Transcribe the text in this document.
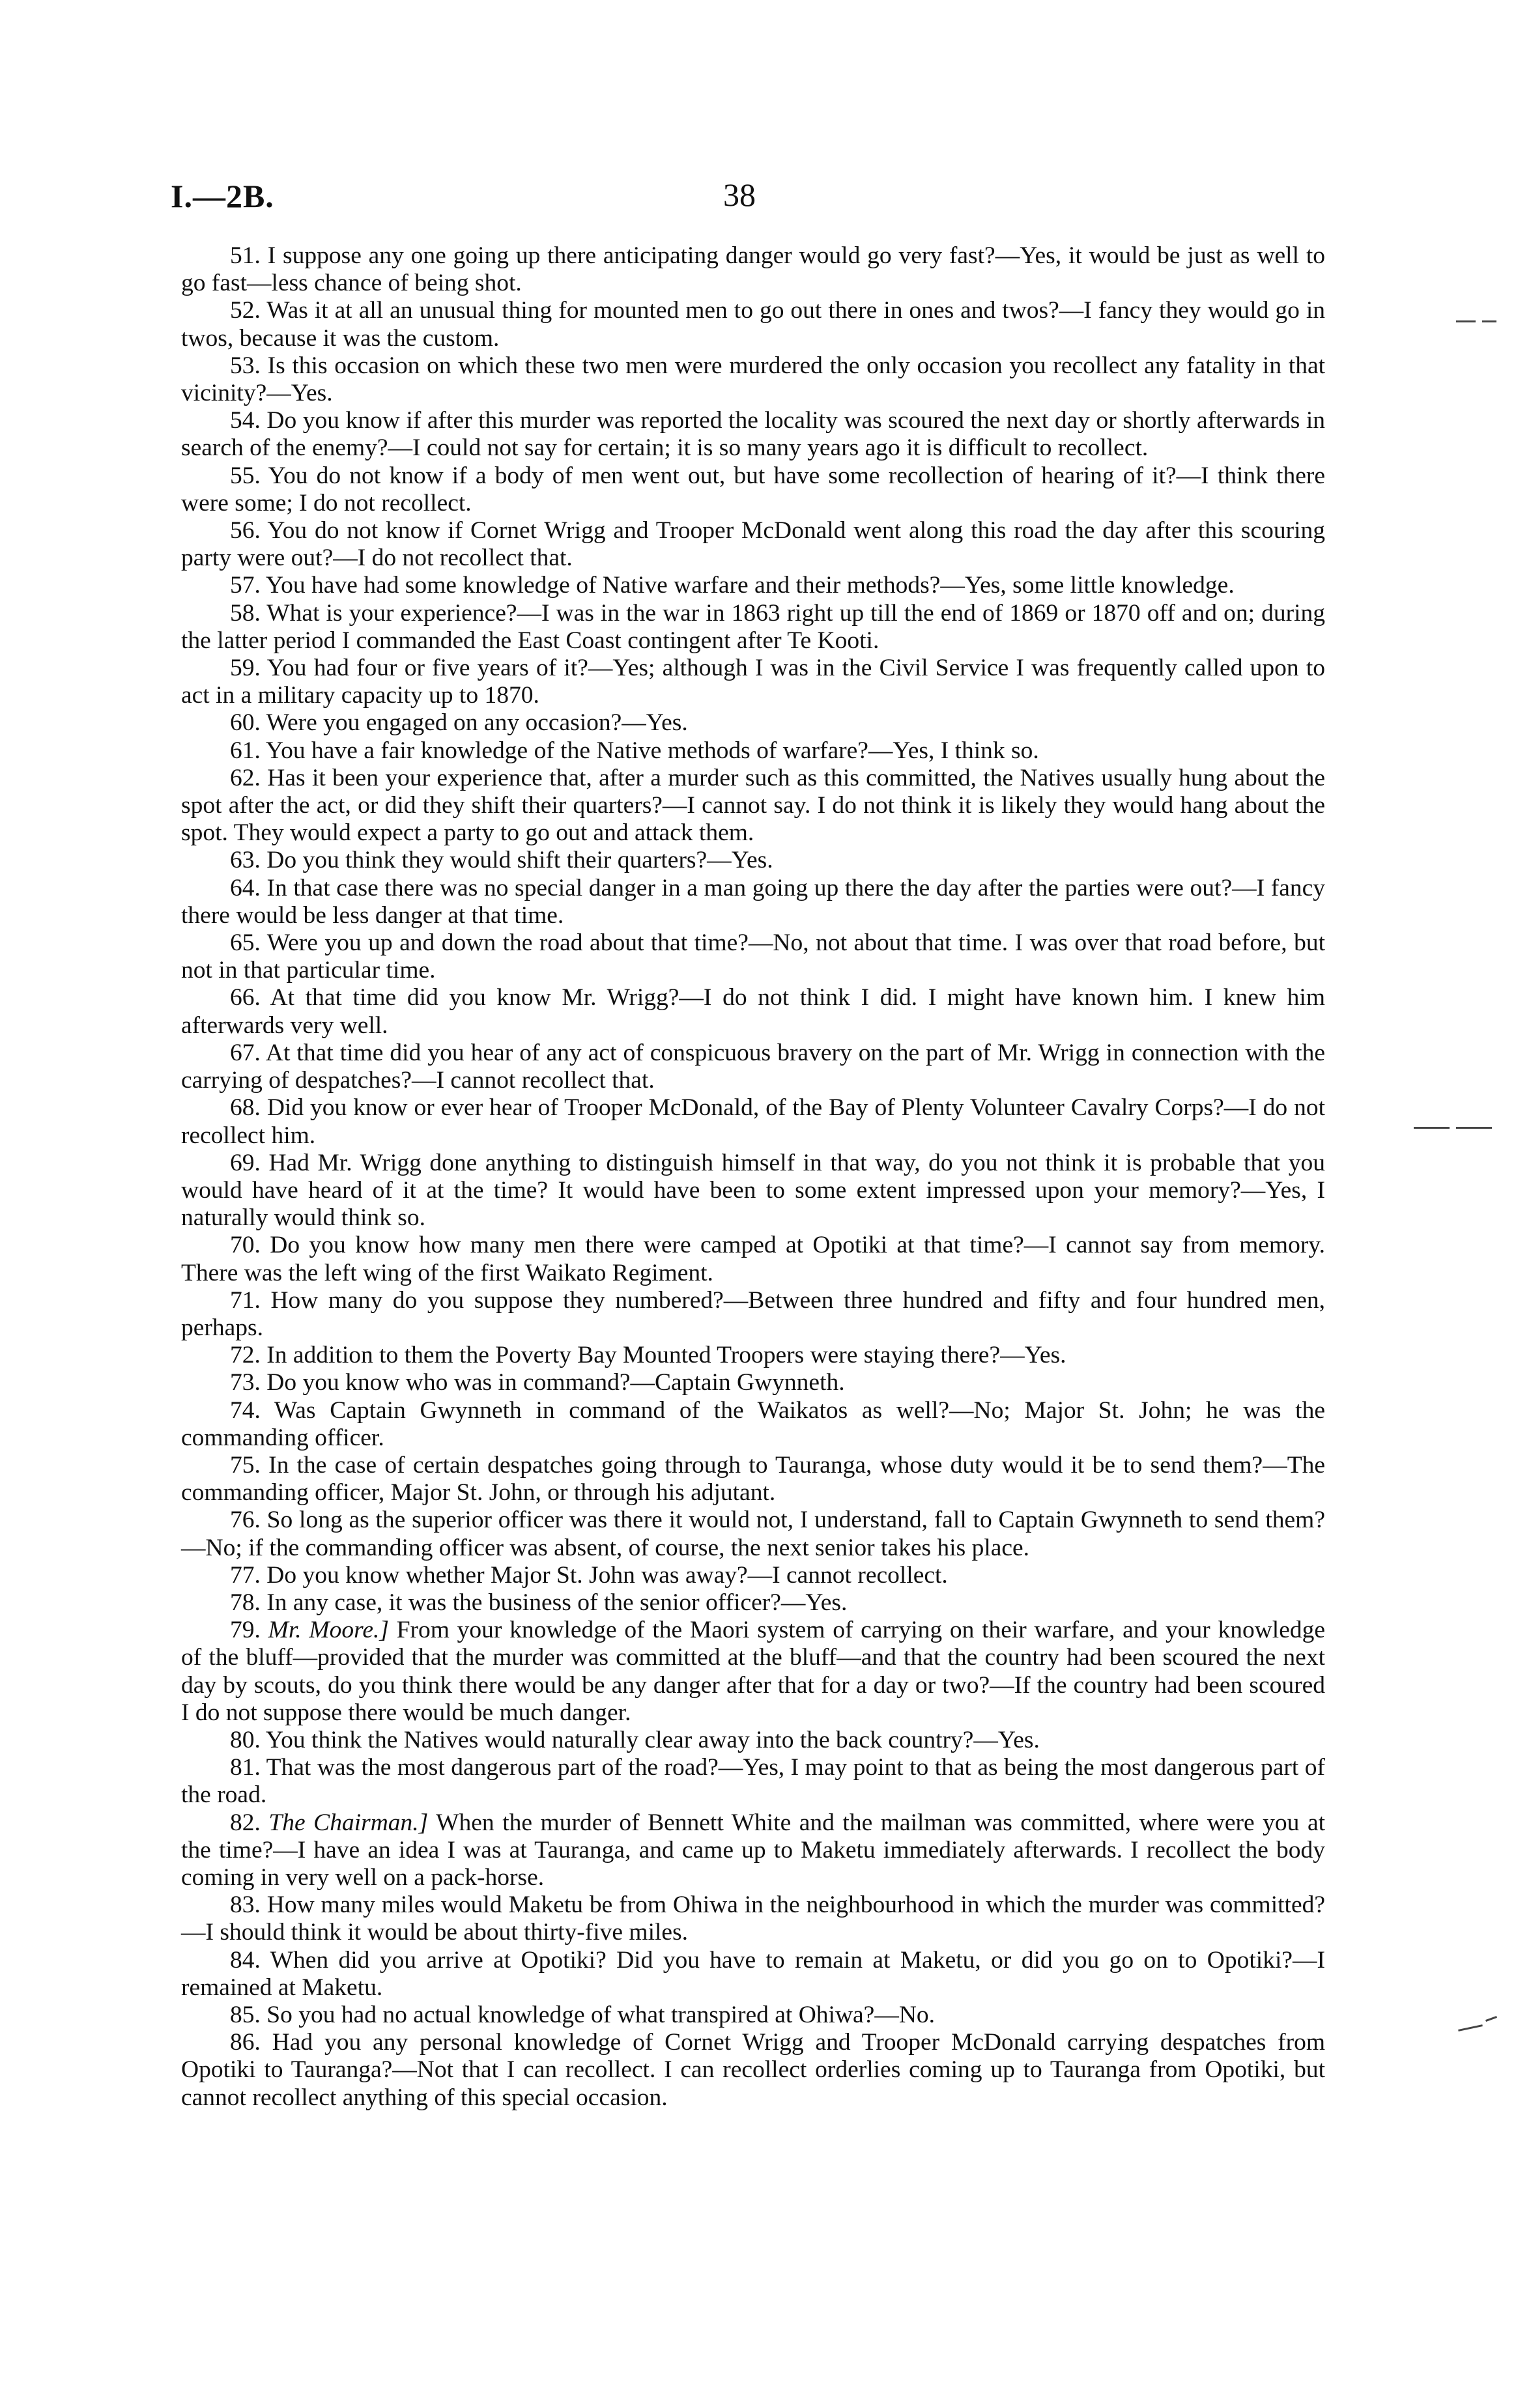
I.—2B.	38

51. I suppose any one going up there anticipating danger would go very fast?—Yes, it would be just as well to go fast—less chance of being shot.

52. Was it at all an unusual thing for mounted men to go out there in ones and twos?—I fancy they would go in twos, because it was the custom.

53. Is this occasion on which these two men were murdered the only occasion you recollect any fatality in that vicinity?—Yes.

54. Do you know if after this murder was reported the locality was scoured the next day or shortly afterwards in search of the enemy?—I could not say for certain; it is so many years ago it is difficult to recollect.

55. You do not know if a body of men went out, but have some recollection of hearing of it?—I think there were some; I do not recollect.

56. You do not know if Cornet Wrigg and Trooper McDonald went along this road the day after this scouring party were out?—I do not recollect that.

57. You have had some knowledge of Native warfare and their methods?—Yes, some little knowledge.

58. What is your experience?—I was in the war in 1863 right up till the end of 1869 or 1870 off and on; during the latter period I commanded the East Coast contingent after Te Kooti.

59. You had four or five years of it?—Yes; although I was in the Civil Service I was frequently called upon to act in a military capacity up to 1870.

60. Were you engaged on any occasion?—Yes.

61. You have a fair knowledge of the Native methods of warfare?—Yes, I think so.

62. Has it been your experience that, after a murder such as this committed, the Natives usually hung about the spot after the act, or did they shift their quarters?—I cannot say. I do not think it is likely they would hang about the spot. They would expect a party to go out and attack them.

63. Do you think they would shift their quarters?—Yes.

64. In that case there was no special danger in a man going up there the day after the parties were out?—I fancy there would be less danger at that time.

65. Were you up and down the road about that time?—No, not about that time. I was over that road before, but not in that particular time.

66. At that time did you know Mr. Wrigg?—I do not think I did. I might have known him. I knew him afterwards very well.

67. At that time did you hear of any act of conspicuous bravery on the part of Mr. Wrigg in connection with the carrying of despatches?—I cannot recollect that.

68. Did you know or ever hear of Trooper McDonald, of the Bay of Plenty Volunteer Cavalry Corps?—I do not recollect him.

69. Had Mr. Wrigg done anything to distinguish himself in that way, do you not think it is probable that you would have heard of it at the time? It would have been to some extent impressed upon your memory?—Yes, I naturally would think so.

70. Do you know how many men there were camped at Opotiki at that time?—I cannot say from memory. There was the left wing of the first Waikato Regiment.

71. How many do you suppose they numbered?—Between three hundred and fifty and four hundred men, perhaps.

72. In addition to them the Poverty Bay Mounted Troopers were staying there?—Yes.

73. Do you know who was in command?—Captain Gwynneth.

74. Was Captain Gwynneth in command of the Waikatos as well?—No; Major St. John; he was the commanding officer.

75. In the case of certain despatches going through to Tauranga, whose duty would it be to send them?—The commanding officer, Major St. John, or through his adjutant.

76. So long as the superior officer was there it would not, I understand, fall to Captain Gwynneth to send them?—No; if the commanding officer was absent, of course, the next senior takes his place.

77. Do you know whether Major St. John was away?—I cannot recollect.

78. In any case, it was the business of the senior officer?—Yes.

79. Mr. Moore.] From your knowledge of the Maori system of carrying on their warfare, and your knowledge of the bluff—provided that the murder was committed at the bluff—and that the country had been scoured the next day by scouts, do you think there would be any danger after that for a day or two?—If the country had been scoured I do not suppose there would be much danger.

80. You think the Natives would naturally clear away into the back country?—Yes.

81. That was the most dangerous part of the road?—Yes, I may point to that as being the most dangerous part of the road.

82. The Chairman.] When the murder of Bennett White and the mailman was committed, where were you at the time?—I have an idea I was at Tauranga, and came up to Maketu immediately afterwards. I recollect the body coming in very well on a pack-horse.

83. How many miles would Maketu be from Ohiwa in the neighbourhood in which the murder was committed?—I should think it would be about thirty-five miles.

84. When did you arrive at Opotiki? Did you have to remain at Maketu, or did you go on to Opotiki?—I remained at Maketu.

85. So you had no actual knowledge of what transpired at Ohiwa?—No.

86. Had you any personal knowledge of Cornet Wrigg and Trooper McDonald carrying despatches from Opotiki to Tauranga?—Not that I can recollect. I can recollect orderlies coming up to Tauranga from Opotiki, but cannot recollect anything of this special occasion.
